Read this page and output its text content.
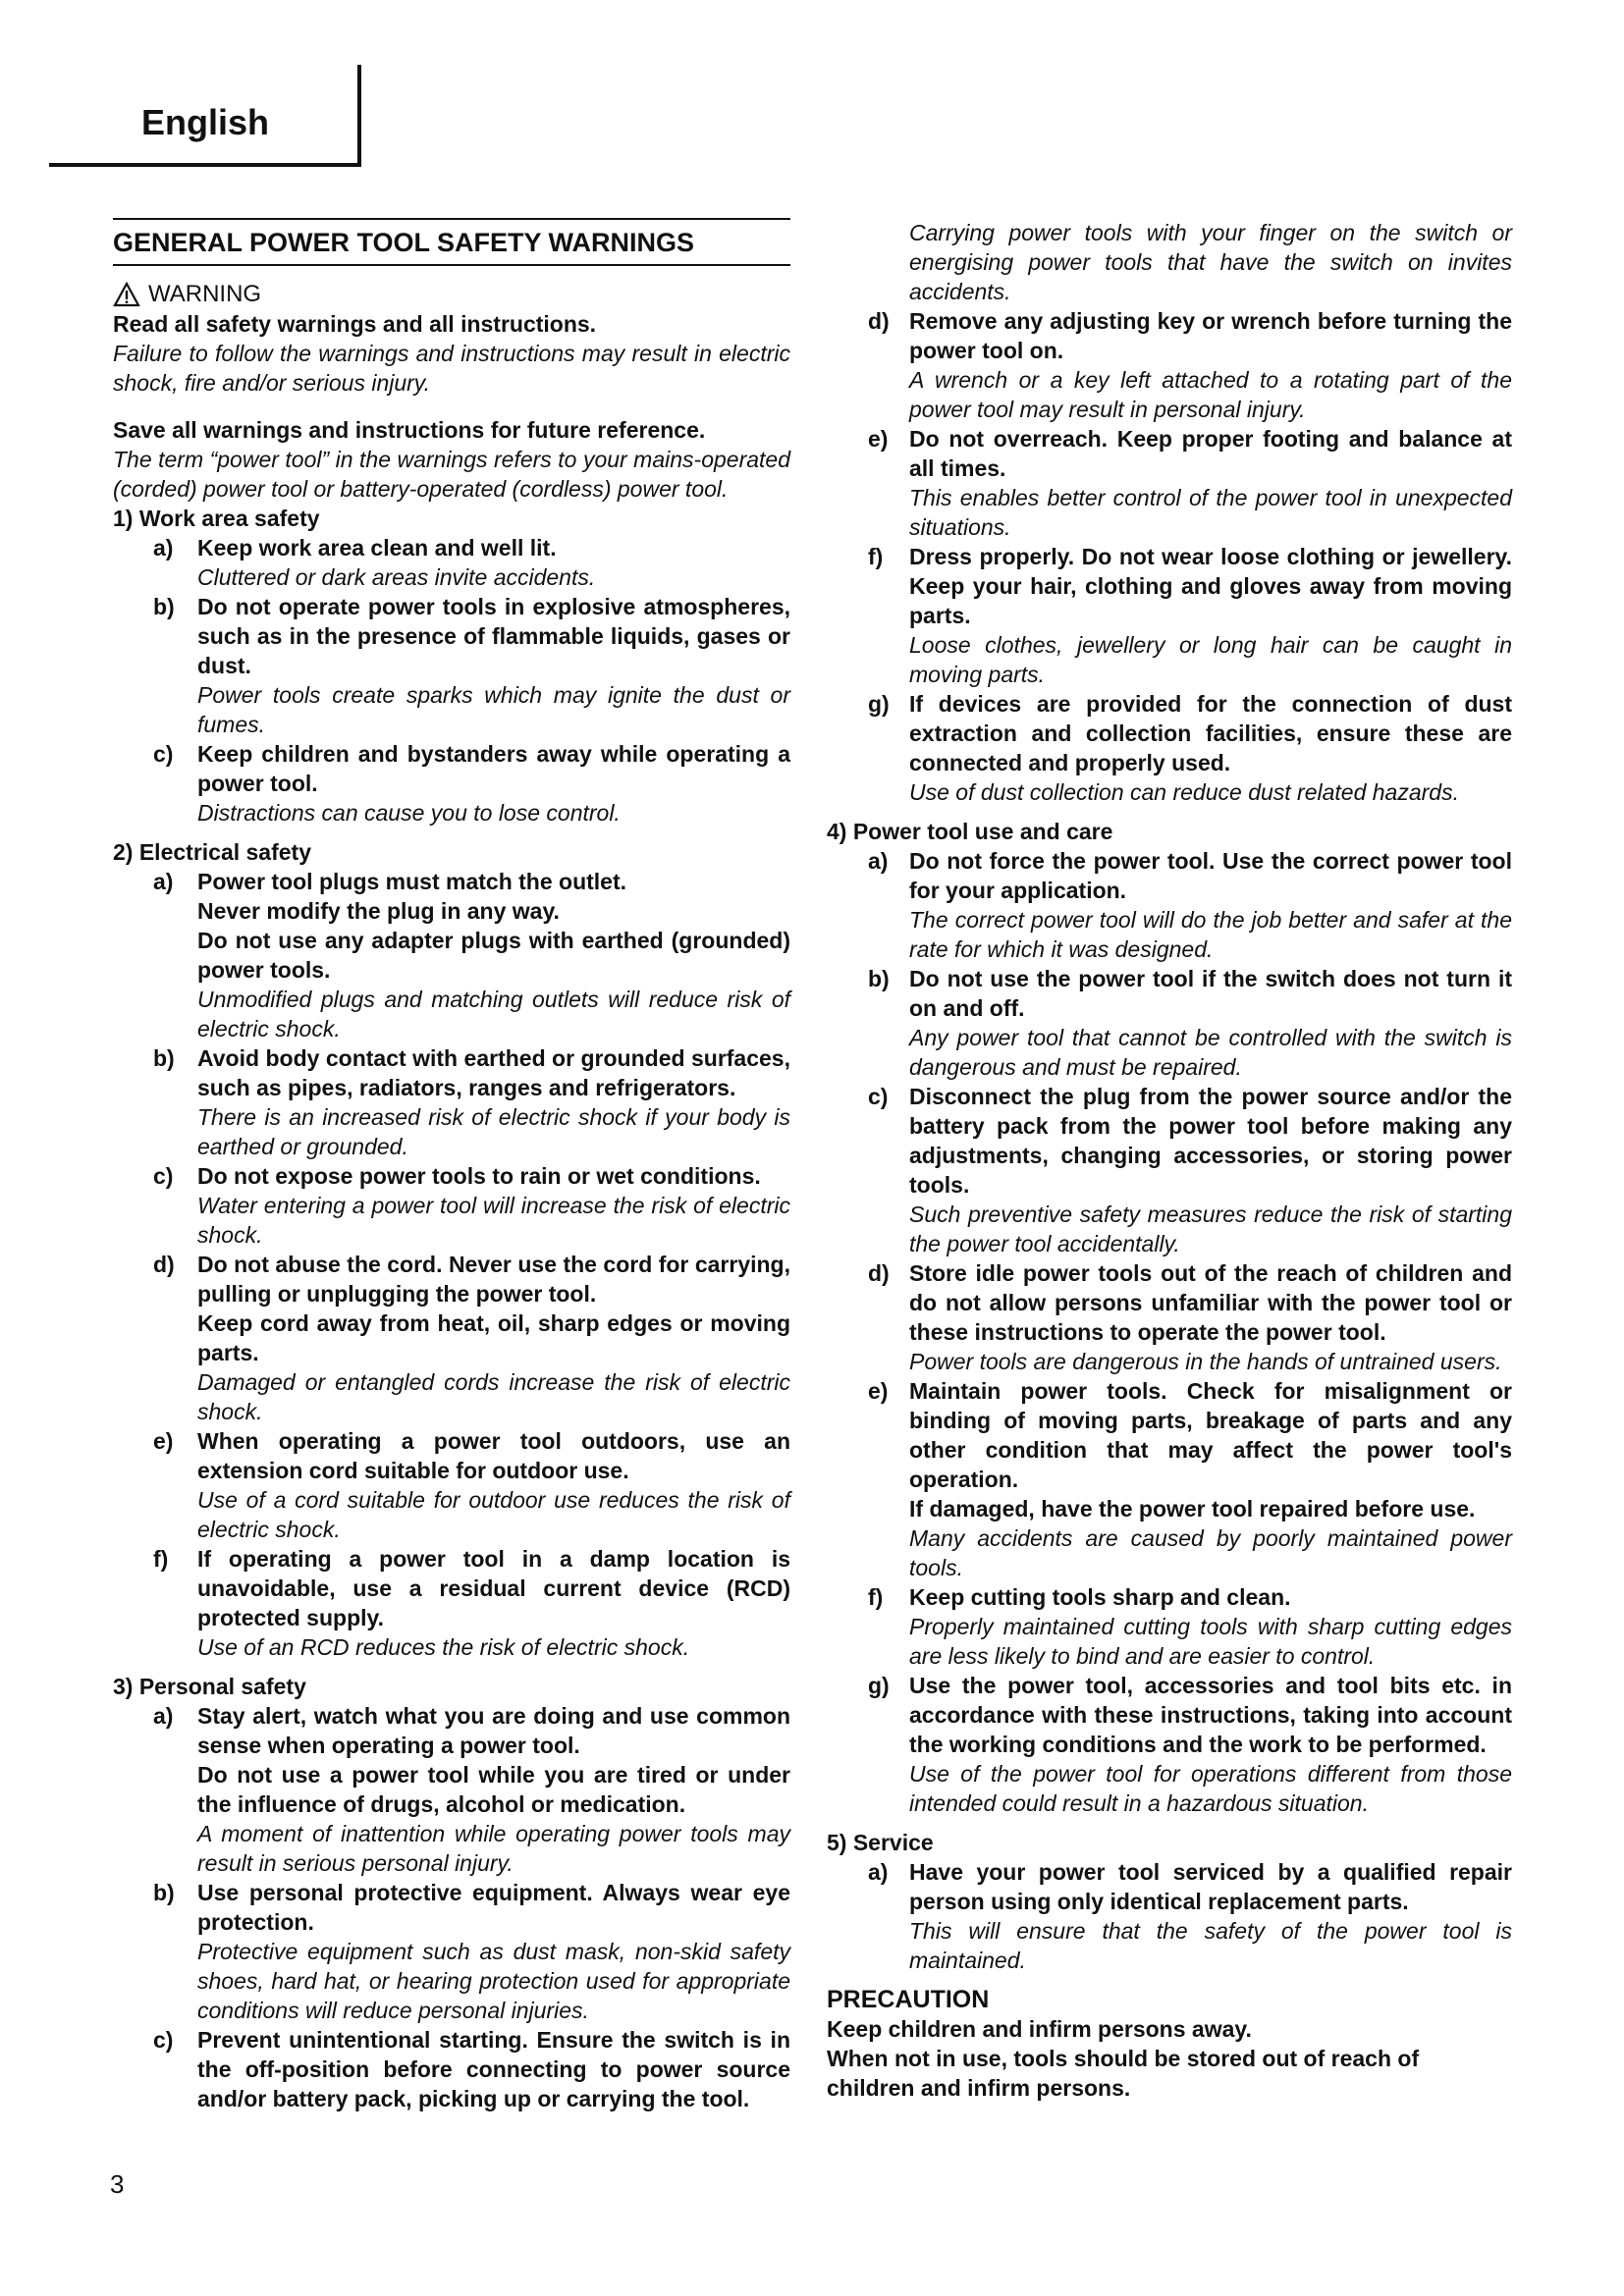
English
GENERAL POWER TOOL SAFETY WARNINGS
WARNING
Read all safety warnings and all instructions.
Failure to follow the warnings and instructions may result in electric shock, fire and/or serious injury.
Save all warnings and instructions for future reference.
The term “power tool” in the warnings refers to your mains-operated (corded) power tool or battery-operated (cordless) power tool.
1) Work area safety
a) Keep work area clean and well lit.
Cluttered or dark areas invite accidents.
b) Do not operate power tools in explosive atmospheres, such as in the presence of flammable liquids, gases or dust.
Power tools create sparks which may ignite the dust or fumes.
c) Keep children and bystanders away while operating a power tool.
Distractions can cause you to lose control.
2) Electrical safety
a) Power tool plugs must match the outlet.
Never modify the plug in any way.
Do not use any adapter plugs with earthed (grounded) power tools.
Unmodified plugs and matching outlets will reduce risk of electric shock.
b) Avoid body contact with earthed or grounded surfaces, such as pipes, radiators, ranges and refrigerators.
There is an increased risk of electric shock if your body is earthed or grounded.
c) Do not expose power tools to rain or wet conditions.
Water entering a power tool will increase the risk of electric shock.
d) Do not abuse the cord. Never use the cord for carrying, pulling or unplugging the power tool.
Keep cord away from heat, oil, sharp edges or moving parts.
Damaged or entangled cords increase the risk of electric shock.
e) When operating a power tool outdoors, use an extension cord suitable for outdoor use.
Use of a cord suitable for outdoor use reduces the risk of electric shock.
f) If operating a power tool in a damp location is unavoidable, use a residual current device (RCD) protected supply.
Use of an RCD reduces the risk of electric shock.
3) Personal safety
a) Stay alert, watch what you are doing and use common sense when operating a power tool.
Do not use a power tool while you are tired or under the influence of drugs, alcohol or medication.
A moment of inattention while operating power tools may result in serious personal injury.
b) Use personal protective equipment. Always wear eye protection.
Protective equipment such as dust mask, non-skid safety shoes, hard hat, or hearing protection used for appropriate conditions will reduce personal injuries.
c) Prevent unintentional starting. Ensure the switch is in the off-position before connecting to power source and/or battery pack, picking up or carrying the tool.
Carrying power tools with your finger on the switch or energising power tools that have the switch on invites accidents.
d) Remove any adjusting key or wrench before turning the power tool on.
A wrench or a key left attached to a rotating part of the power tool may result in personal injury.
e) Do not overreach. Keep proper footing and balance at all times.
This enables better control of the power tool in unexpected situations.
f) Dress properly. Do not wear loose clothing or jewellery. Keep your hair, clothing and gloves away from moving parts.
Loose clothes, jewellery or long hair can be caught in moving parts.
g) If devices are provided for the connection of dust extraction and collection facilities, ensure these are connected and properly used.
Use of dust collection can reduce dust related hazards.
4) Power tool use and care
a) Do not force the power tool. Use the correct power tool for your application.
The correct power tool will do the job better and safer at the rate for which it was designed.
b) Do not use the power tool if the switch does not turn it on and off.
Any power tool that cannot be controlled with the switch is dangerous and must be repaired.
c) Disconnect the plug from the power source and/or the battery pack from the power tool before making any adjustments, changing accessories, or storing power tools.
Such preventive safety measures reduce the risk of starting the power tool accidentally.
d) Store idle power tools out of the reach of children and do not allow persons unfamiliar with the power tool or these instructions to operate the power tool.
Power tools are dangerous in the hands of untrained users.
e) Maintain power tools. Check for misalignment or binding of moving parts, breakage of parts and any other condition that may affect the power tool's operation.
If damaged, have the power tool repaired before use.
Many accidents are caused by poorly maintained power tools.
f) Keep cutting tools sharp and clean.
Properly maintained cutting tools with sharp cutting edges are less likely to bind and are easier to control.
g) Use the power tool, accessories and tool bits etc. in accordance with these instructions, taking into account the working conditions and the work to be performed.
Use of the power tool for operations different from those intended could result in a hazardous situation.
5) Service
a) Have your power tool serviced by a qualified repair person using only identical replacement parts.
This will ensure that the safety of the power tool is maintained.
PRECAUTION
Keep children and infirm persons away.
When not in use, tools should be stored out of reach of children and infirm persons.
3
